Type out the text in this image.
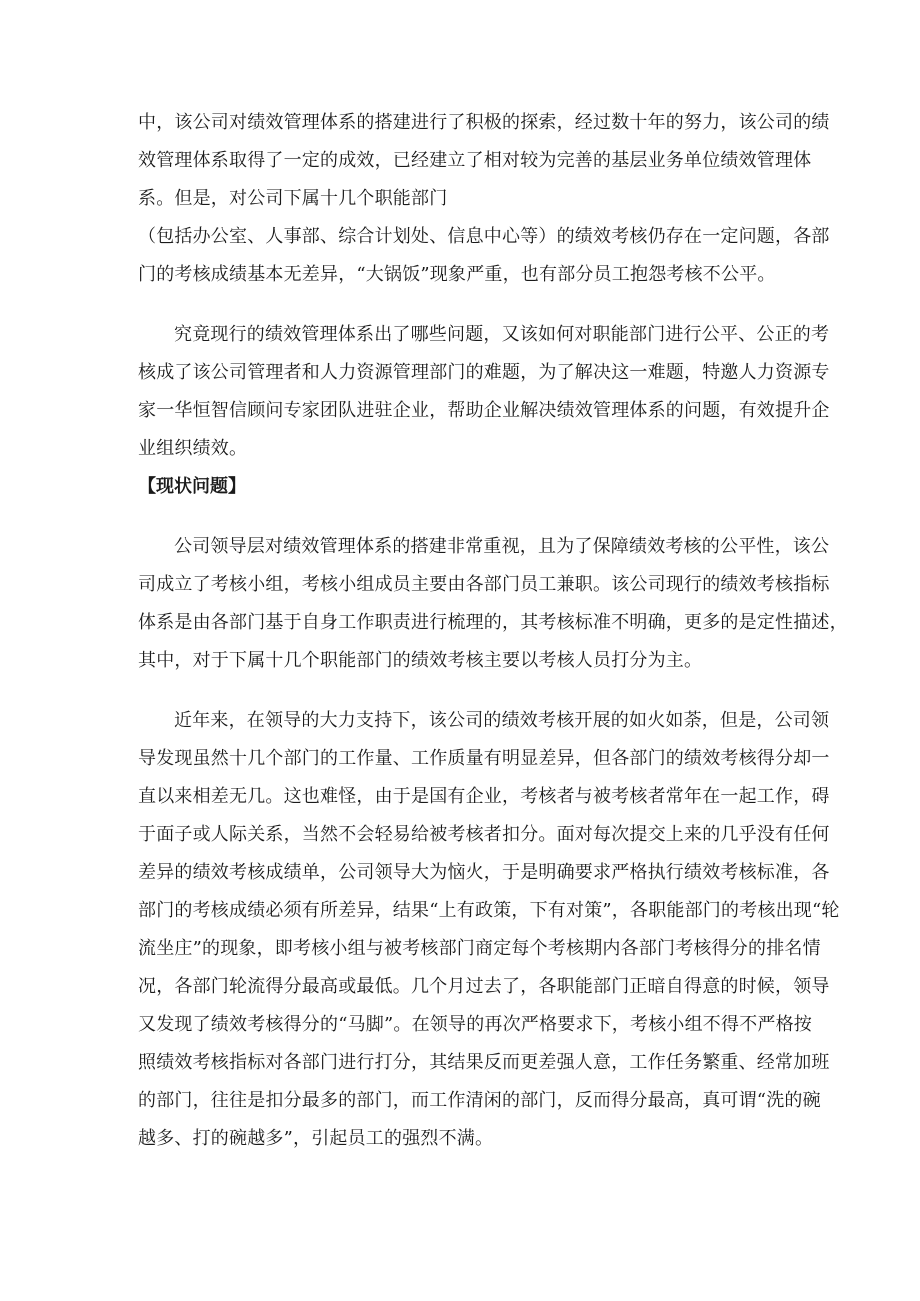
中，该公司对绩效管理体系的搭建进行了积极的探索，经过数十年的努力，该公司的绩
效管理体系取得了一定的成效，已经建立了相对较为完善的基层业务单位绩效管理体
系。但是，对公司下属十几个职能部门
（包括办公室、人事部、综合计划处、信息中心等）的绩效考核仍存在一定问题，各部
门的考核成绩基本无差异，“大锅饭”现象严重，也有部分员工抱怨考核不公平。

究竟现行的绩效管理体系出了哪些问题，又该如何对职能部门进行公平、公正的考
核成了该公司管理者和人力资源管理部门的难题，为了解决这一难题，特邀人力资源专
家一华恒智信顾问专家团队进驻企业，帮助企业解决绩效管理体系的问题，有效提升企
业组织绩效。

【现状问题】

公司领导层对绩效管理体系的搭建非常重视，且为了保障绩效考核的公平性，该公
司成立了考核小组，考核小组成员主要由各部门员工兼职。该公司现行的绩效考核指标
体系是由各部门基于自身工作职责进行梳理的，其考核标准不明确，更多的是定性描述，
其中，对于下属十几个职能部门的绩效考核主要以考核人员打分为主。

近年来，在领导的大力支持下，该公司的绩效考核开展的如火如荼，但是，公司领
导发现虽然十几个部门的工作量、工作质量有明显差异，但各部门的绩效考核得分却一
直以来相差无几。这也难怪，由于是国有企业，考核者与被考核者常年在一起工作，碍
于面子或人际关系，当然不会轻易给被考核者扣分。面对每次提交上来的几乎没有任何
差异的绩效考核成绩单，公司领导大为恼火，于是明确要求严格执行绩效考核标准，各
部门的考核成绩必须有所差异，结果“上有政策，下有对策”，各职能部门的考核出现“轮
流坐庄”的现象，即考核小组与被考核部门商定每个考核期内各部门考核得分的排名情
况，各部门轮流得分最高或最低。几个月过去了，各职能部门正暗自得意的时候，领导
又发现了绩效考核得分的“马脚”。在领导的再次严格要求下，考核小组不得不严格按
照绩效考核指标对各部门进行打分，其结果反而更差强人意，工作任务繁重、经常加班
的部门，往往是扣分最多的部门，而工作清闲的部门，反而得分最高，真可谓“洗的碗
越多、打的碗越多”，引起员工的强烈不满。
